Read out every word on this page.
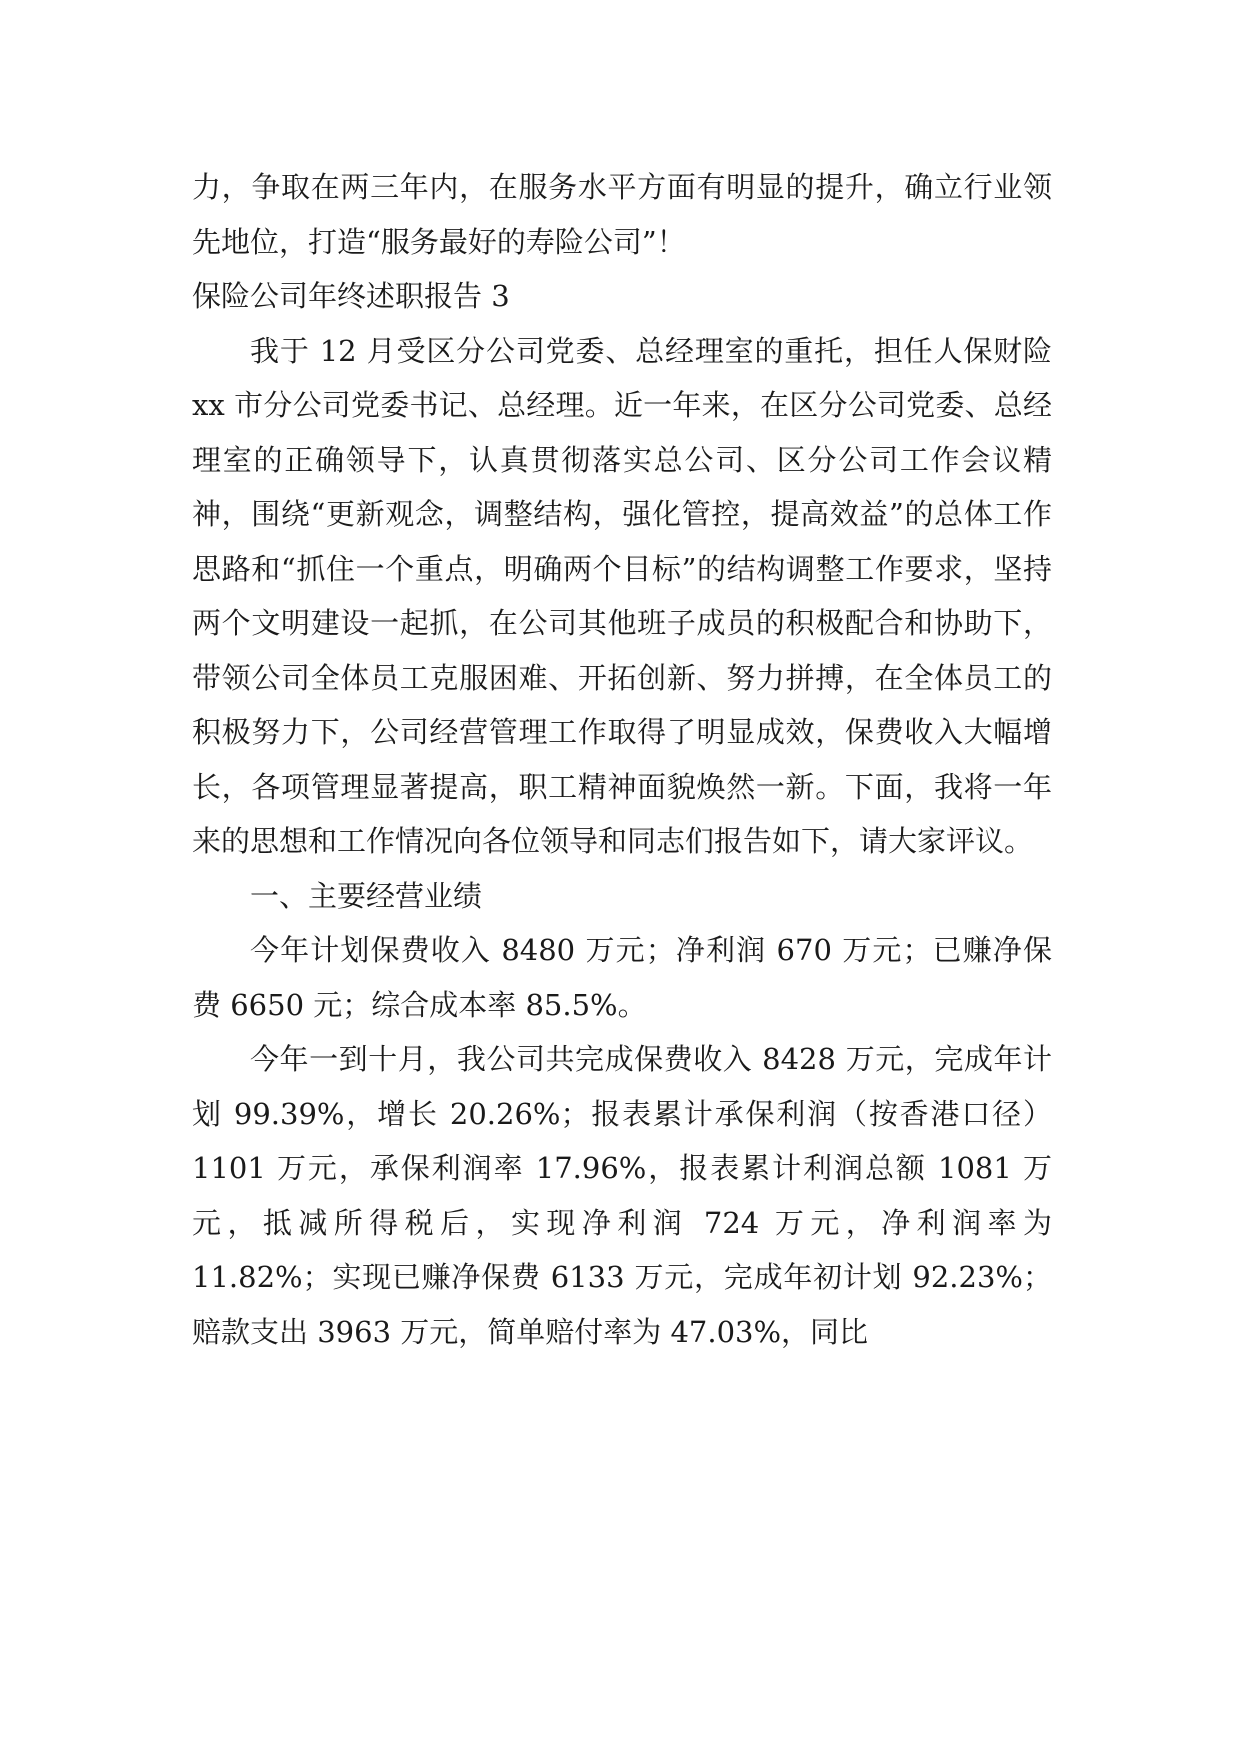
力，争取在两三年内，在服务水平方面有明显的提升，确立行业领先地位，打造“服务最好的寿险公司”！

保险公司年终述职报告 3

我于 12 月受区分公司党委、总经理室的重托，担任人保财险 xx 市分公司党委书记、总经理。近一年来，在区分公司党委、总经理室的正确领导下，认真贯彻落实总公司、区分公司工作会议精神，围绕“更新观念，调整结构，强化管控，提高效益”的总体工作思路和“抓住一个重点，明确两个目标”的结构调整工作要求，坚持两个文明建设一起抓，在公司其他班子成员的积极配合和协助下，带领公司全体员工克服困难、开拓创新、努力拼搏，在全体员工的积极努力下，公司经营管理工作取得了明显成效，保费收入大幅增长，各项管理显著提高，职工精神面貌焕然一新。下面，我将一年来的思想和工作情况向各位领导和同志们报告如下，请大家评议。

一、主要经营业绩

今年计划保费收入 8480 万元；净利润 670 万元；已赚净保费 6650 元；综合成本率 85.5%。

今年一到十月，我公司共完成保费收入 8428 万元，完成年计划 99.39%，增长 20.26%；报表累计承保利润（按香港口径）1101 万元，承保利润率 17.96%，报表累计利润总额 1081 万元，抵减所得税后，实现净利润 724 万元，净利润率为 11.82%；实现已赚净保费 6133 万元，完成年初计划 92.23%；赔款支出 3963 万元，简单赔付率为 47.03%，同比
